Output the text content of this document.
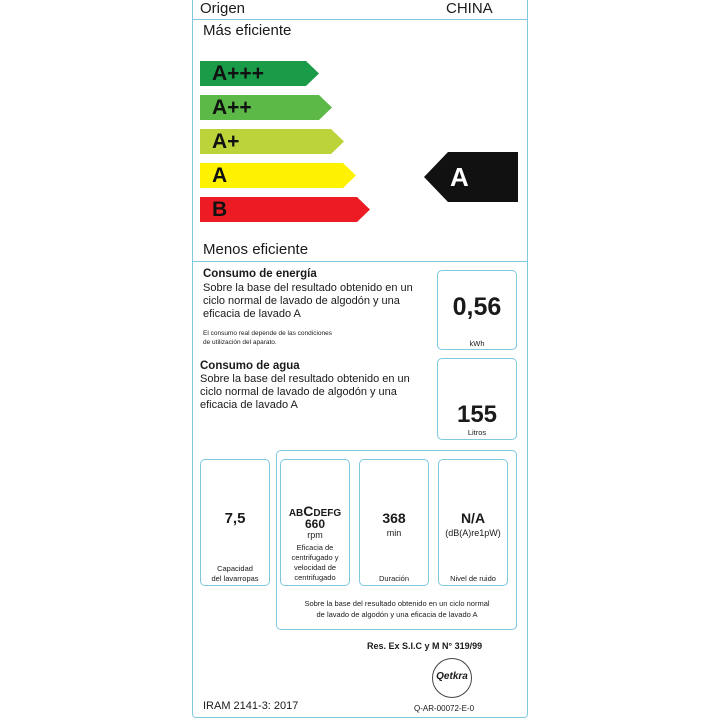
Origen	CHINA
Más eficiente
A+++
A++
A+
A
B
A
Menos eficiente
Consumo de energía
Sobre la base del resultado obtenido en un
ciclo normal de lavado de algodón y una
eficacia de lavado A
El consumo real depende de las condiciones
de utilización del aparato.
0,56
kWh
Consumo de agua
Sobre la base del resultado obtenido en un
ciclo normal de lavado de algodón y una
eficacia de lavado A	155
Litros
7,5
Capacidad
del lavarropas
ABCDEFG
660
rpm
Eficacia de
centrifugado y
velocidad de
centrifugado
368
min
Duración
N/A
(dB(A)re1pW)
Nivel de ruido
Sobre la base del resultado obtenido en un ciclo normal
de lavado de algodón y una eficacia de lavado A
Res. Ex S.I.C y M N° 319/99
Qetkra
IRAM 2141-3: 2017	Q-AR-00072-E-0
